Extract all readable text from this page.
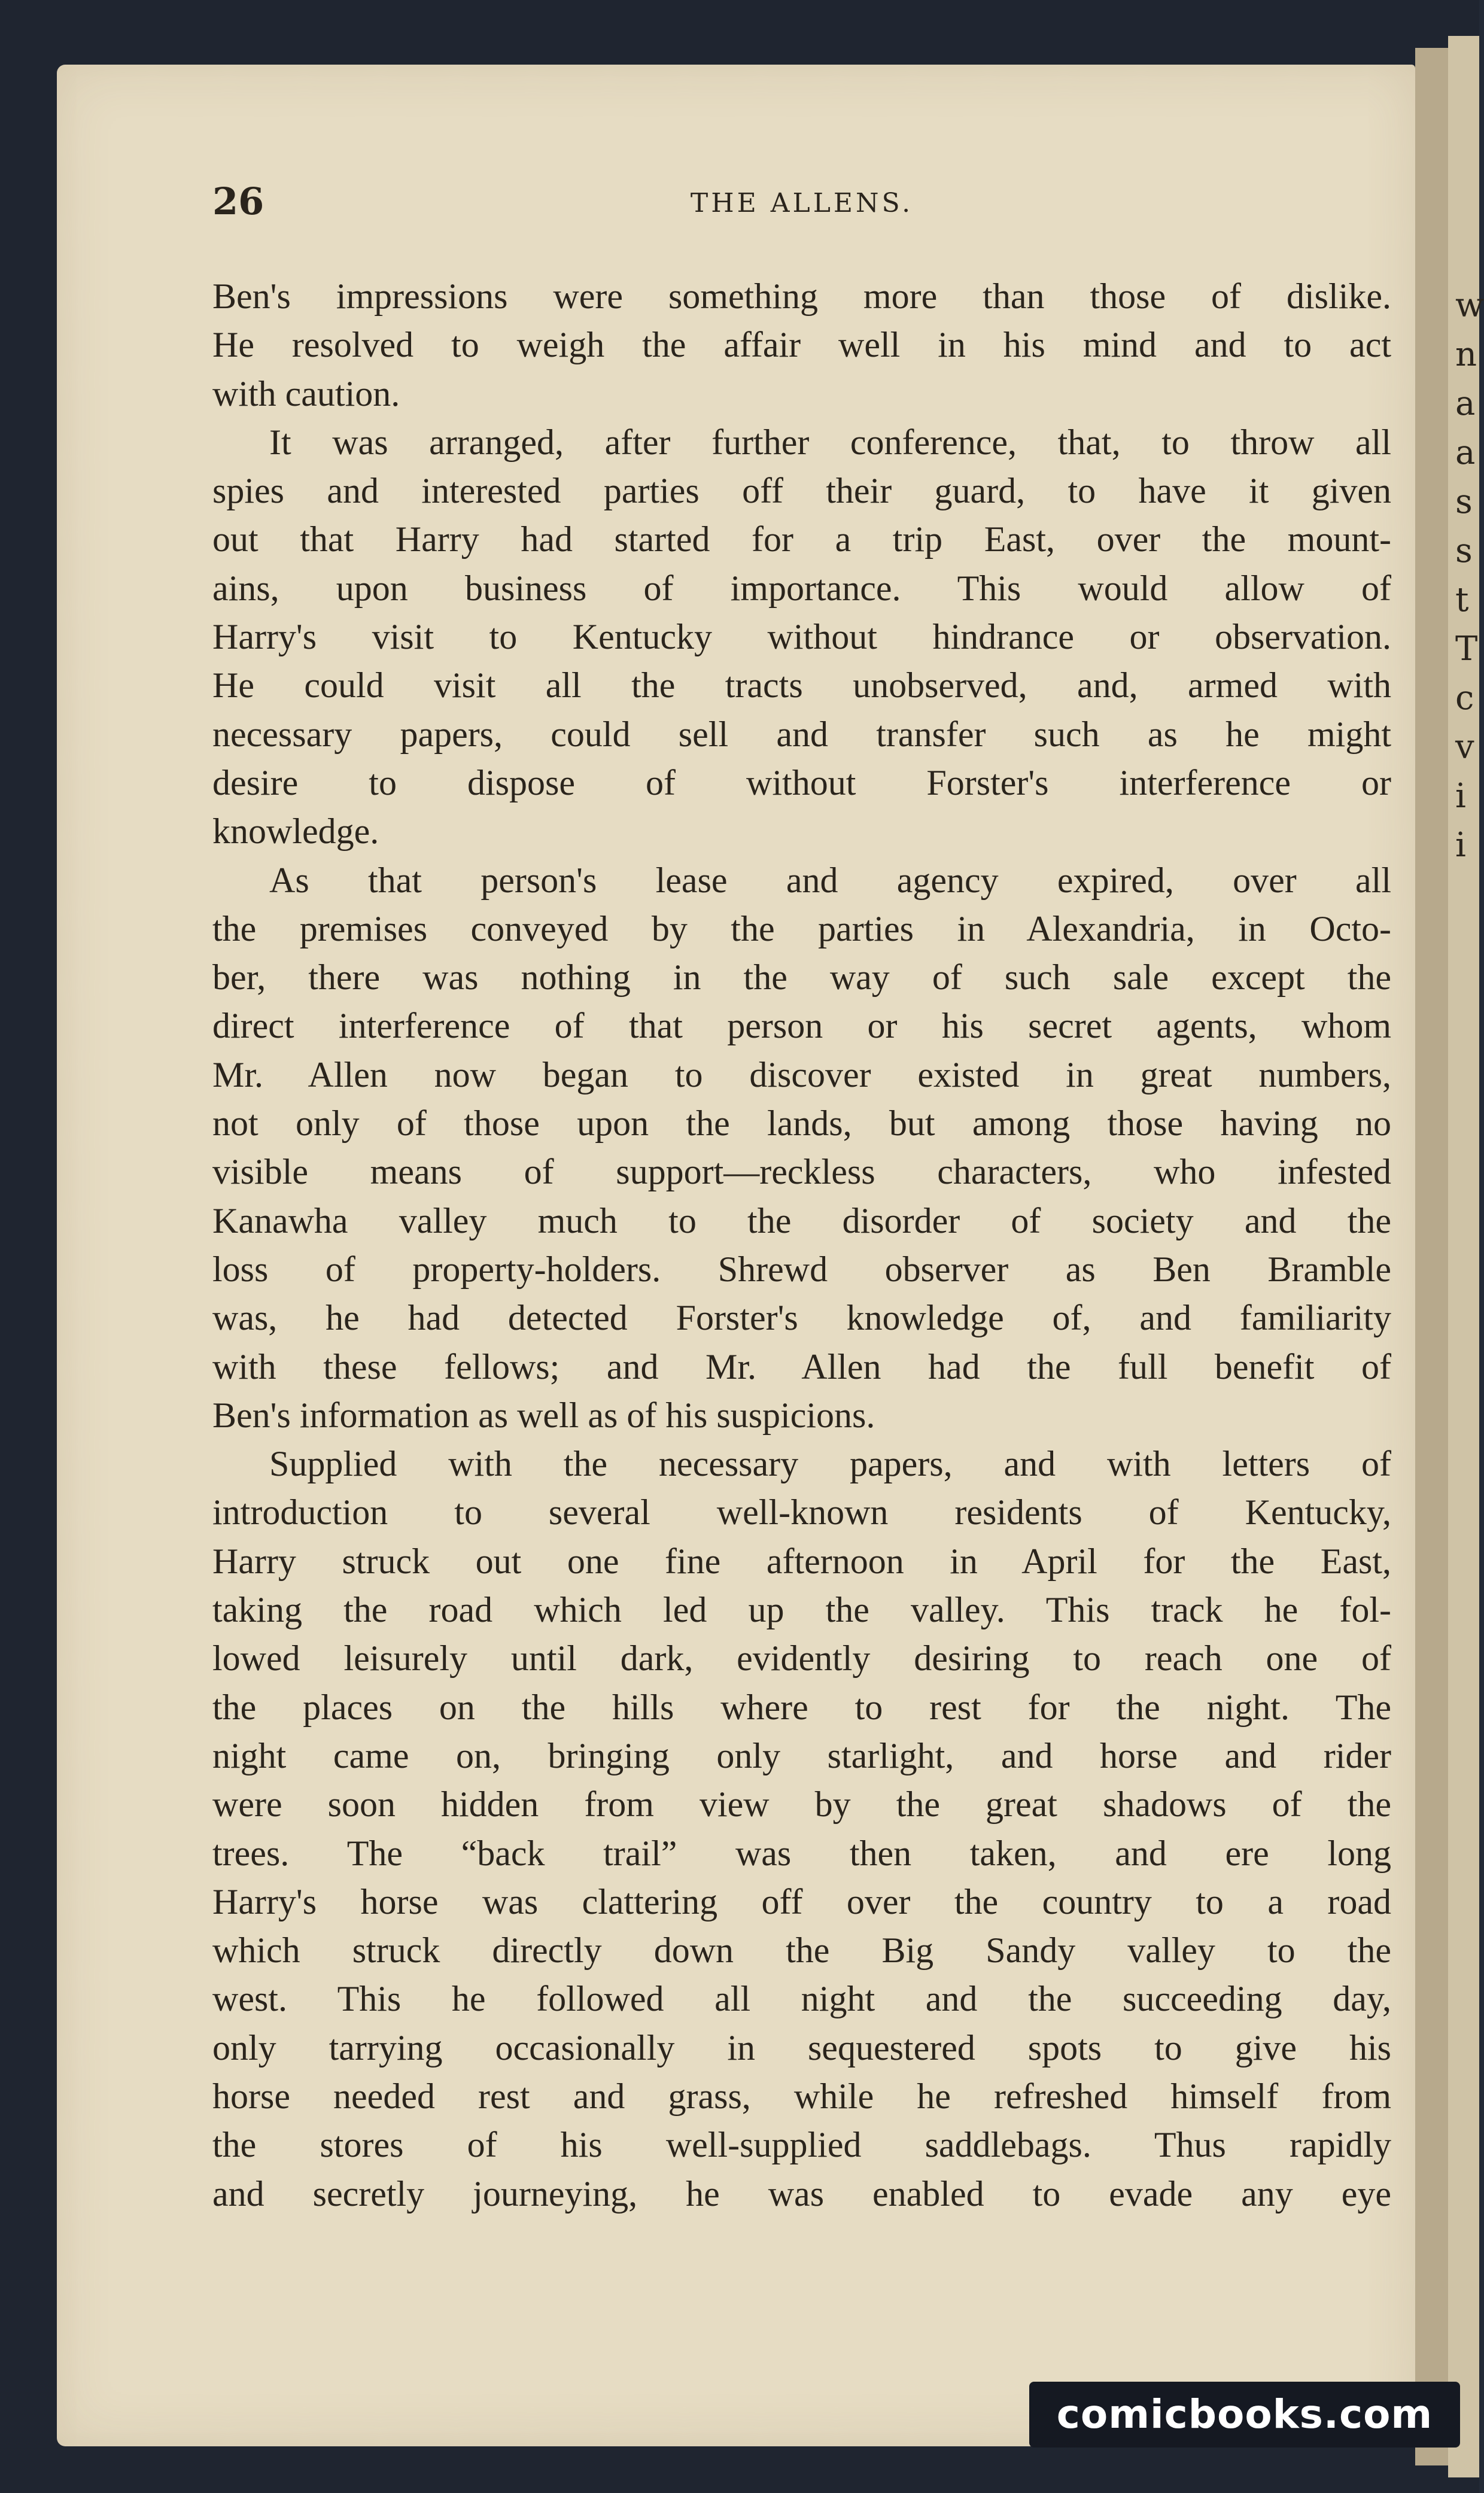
w
n
a
a
s
s
t
T
c
v
i
i
26	THE ALLENS.
Ben's impressions were something more than those of dislike.
He resolved to weigh the affair well in his mind and to act
with caution.
It was arranged, after further conference, that, to throw all
spies and interested parties off their guard, to have it given
out that Harry had started for a trip East, over the mount-
ains, upon business of importance. This would allow of
Harry's visit to Kentucky without hindrance or observation.
He could visit all the tracts unobserved, and, armed with
necessary papers, could sell and transfer such as he might
desire to dispose of without Forster's interference or
knowledge.
As that person's lease and agency expired, over all
the premises conveyed by the parties in Alexandria, in Octo-
ber, there was nothing in the way of such sale except the
direct interference of that person or his secret agents, whom
Mr. Allen now began to discover existed in great numbers,
not only of those upon the lands, but among those having no
visible means of support—reckless characters, who infested
Kanawha valley much to the disorder of society and the
loss of property-holders. Shrewd observer as Ben Bramble
was, he had detected Forster's knowledge of, and familiarity
with these fellows; and Mr. Allen had the full benefit of
Ben's information as well as of his suspicions.
Supplied with the necessary papers, and with letters of
introduction to several well-known residents of Kentucky,
Harry struck out one fine afternoon in April for the East,
taking the road which led up the valley. This track he fol-
lowed leisurely until dark, evidently desiring to reach one of
the places on the hills where to rest for the night. The
night came on, bringing only starlight, and horse and rider
were soon hidden from view by the great shadows of the
trees. The “back trail” was then taken, and ere long
Harry's horse was clattering off over the country to a road
which struck directly down the Big Sandy valley to the
west. This he followed all night and the succeeding day,
only tarrying occasionally in sequestered spots to give his
horse needed rest and grass, while he refreshed himself from
the stores of his well-supplied saddlebags. Thus rapidly
and secretly journeying, he was enabled to evade any eye
comicbooks.com
